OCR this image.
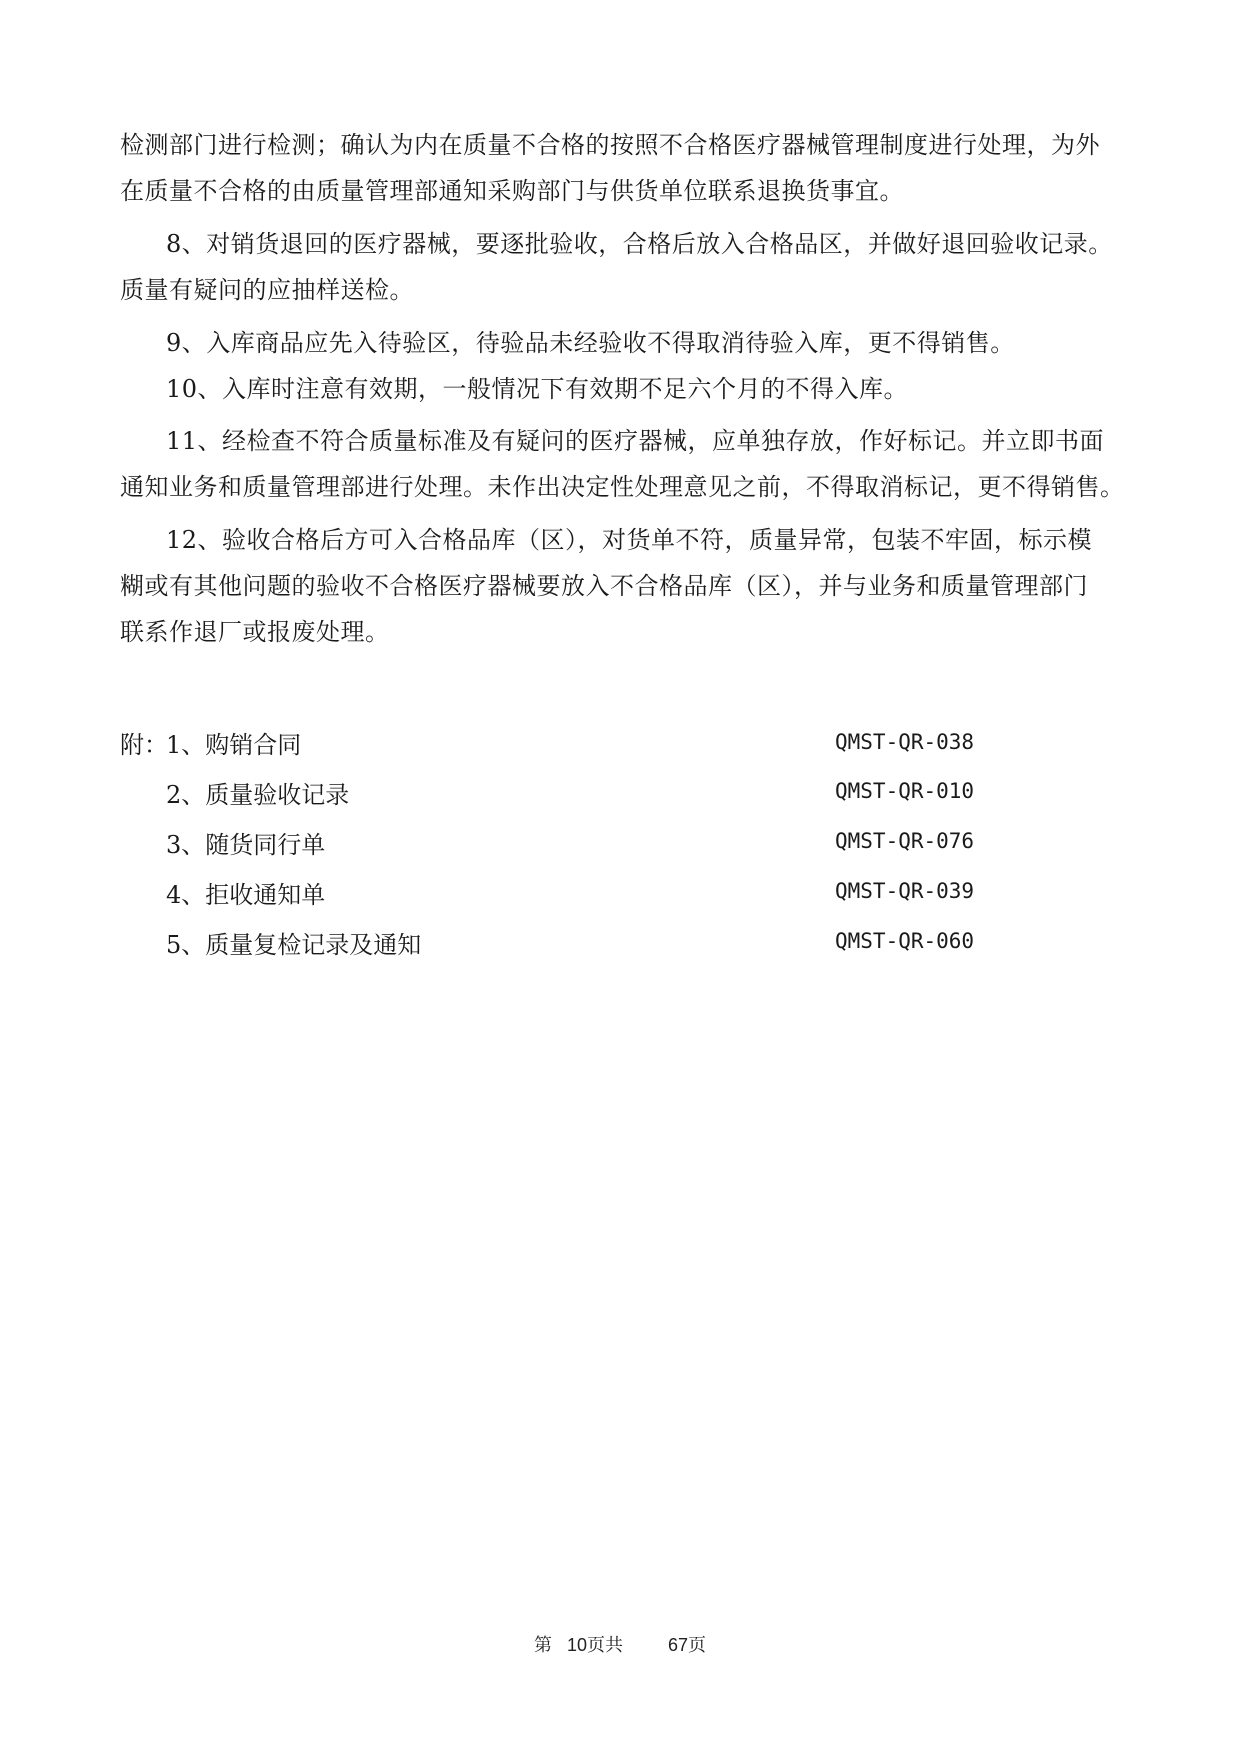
检测部门进行检测；确认为内在质量不合格的按照不合格医疗器械管理制度进行处理，为外
在质量不合格的由质量管理部通知采购部门与供货单位联系退换货事宜。
8、对销货退回的医疗器械，要逐批验收，合格后放入合格品区，并做好退回验收记录。
质量有疑问的应抽样送检。
9、入库商品应先入待验区，待验品未经验收不得取消待验入库，更不得销售。
10、入库时注意有效期，一般情况下有效期不足六个月的不得入库。
11、经检查不符合质量标准及有疑问的医疗器械，应单独存放，作好标记。并立即书面
通知业务和质量管理部进行处理。未作出决定性处理意见之前，不得取消标记，更不得销售。
12、验收合格后方可入合格品库（区），对货单不符，质量异常，包装不牢固，标示模
糊或有其他问题的验收不合格医疗器械要放入不合格品库（区），并与业务和质量管理部门
联系作退厂或报废处理。
附：
1、购销合同	QMST-QR-038
2、质量验收记录	QMST-QR-010
3、随货同行单	QMST-QR-076
4、拒收通知单	QMST-QR-039
5、质量复检记录及通知	QMST-QR-060
第 10页共	67页
